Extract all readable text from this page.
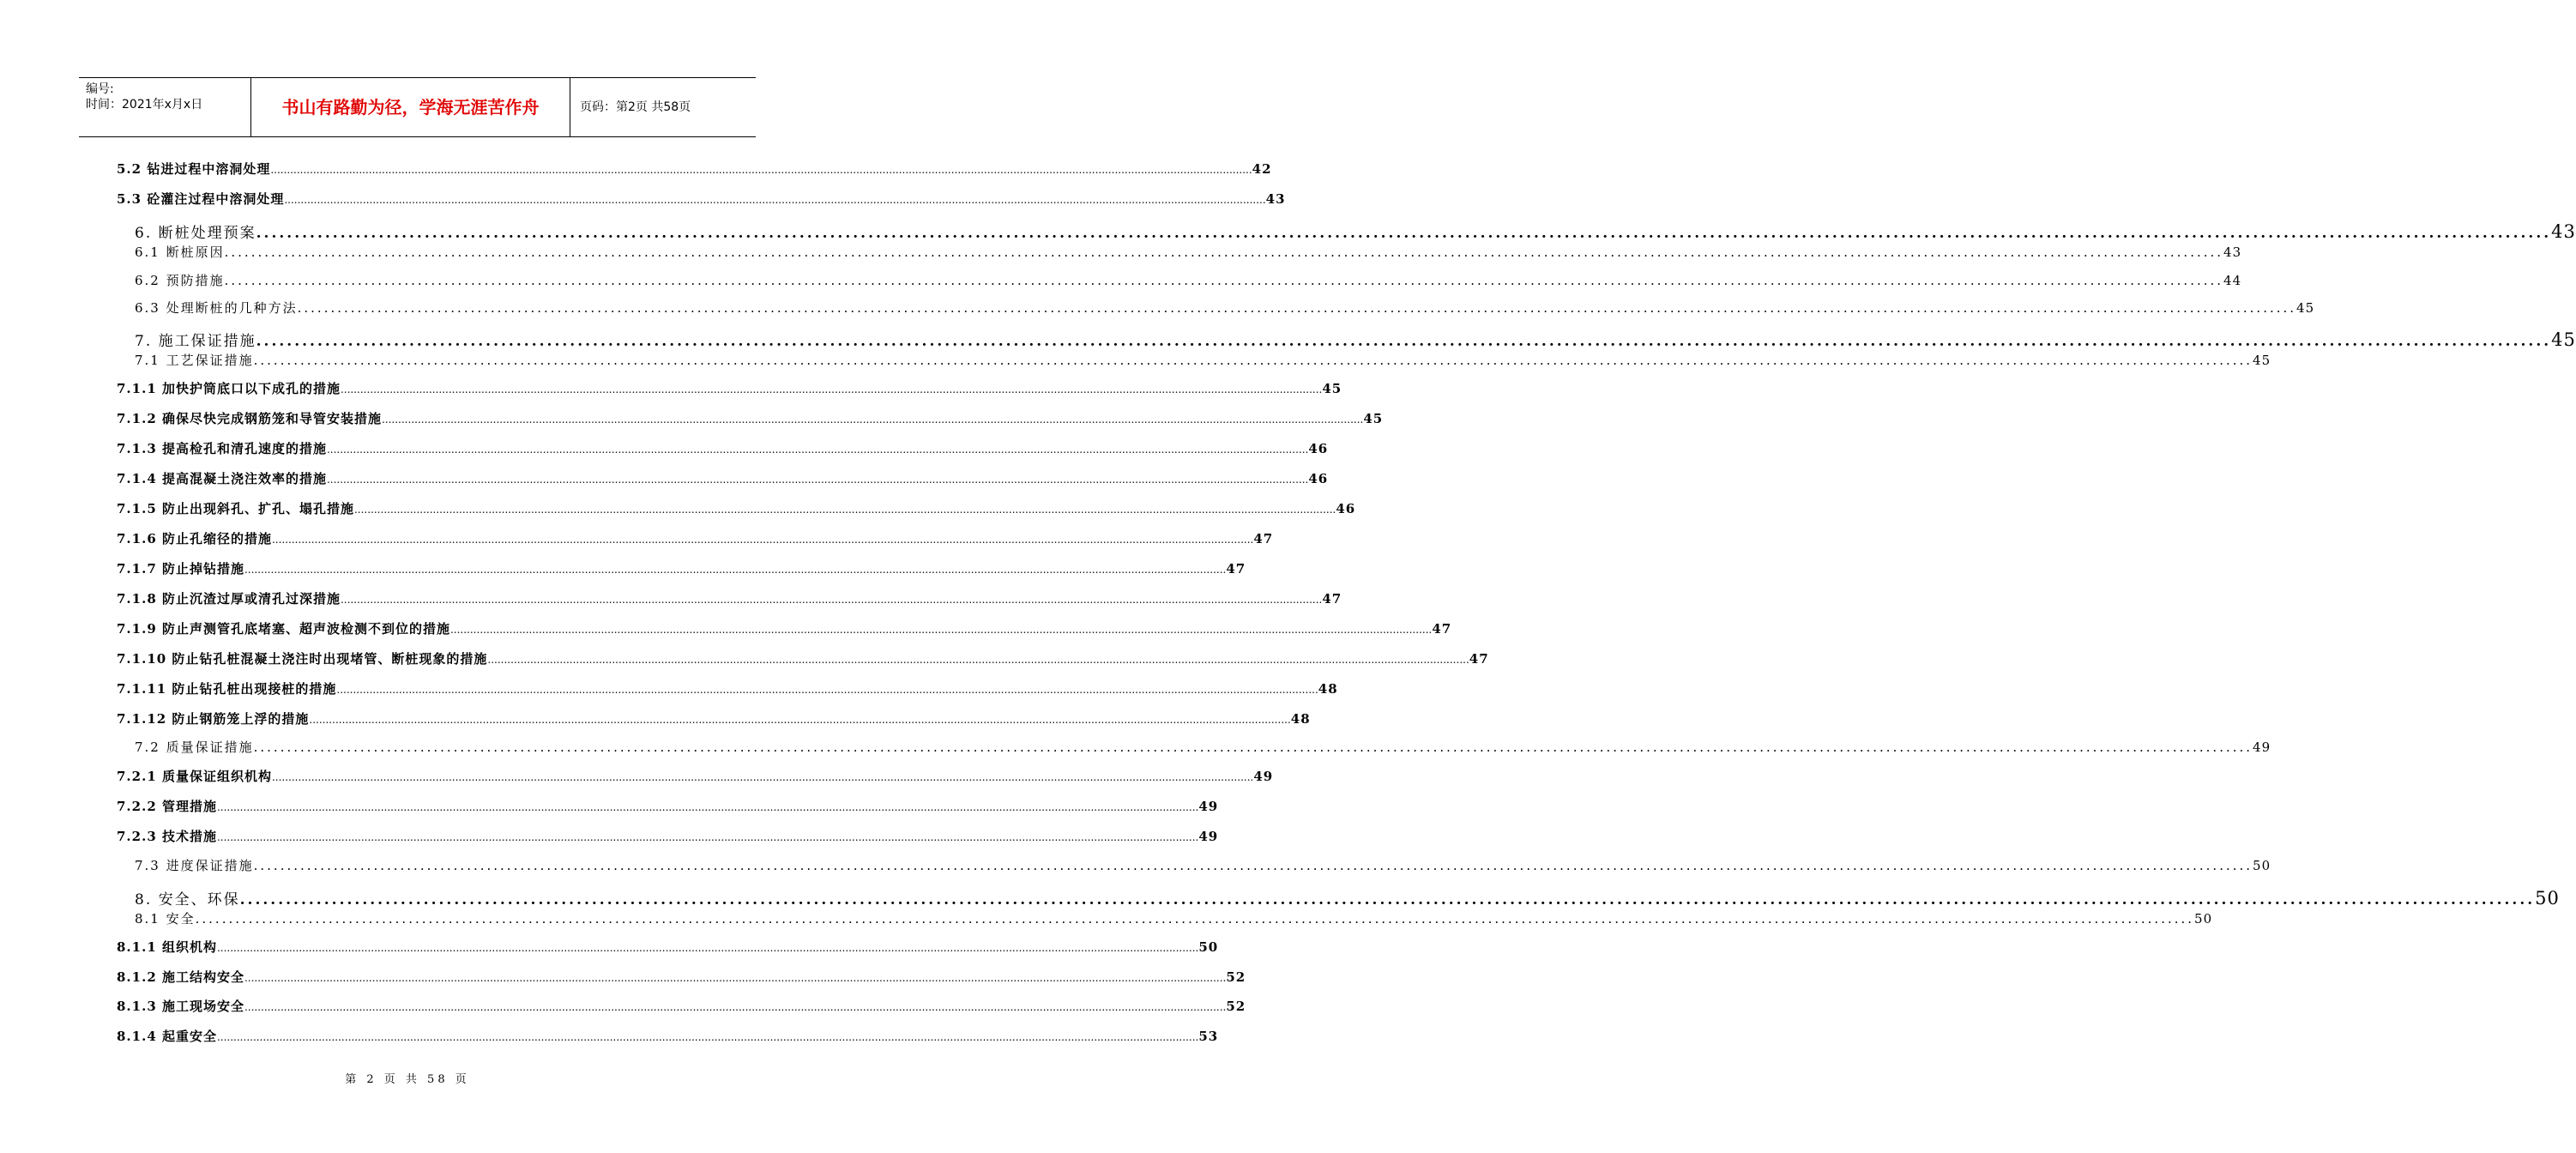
编号:
时间：2021年x月x日	书山有路勤为径，学海无涯苦作舟	页码：第2页 共58页
5.2 钻进过程中溶洞处理 ............................................................................................................................................................................................................................................................................................................ 42
5.3 砼灌注过程中溶洞处理 ............................................................................................................................................................................................................................................................................................................ 43
6. 断桩处理预案 ............................................................................................................................................................................................................................................................................................................ 43
6.1 断桩原因 ............................................................................................................................................................................................................................................................................................................ 43
6.2 预防措施 ............................................................................................................................................................................................................................................................................................................ 44
6.3 处理断桩的几种方法 ............................................................................................................................................................................................................................................................................................................ 45
7. 施工保证措施 ............................................................................................................................................................................................................................................................................................................ 45
7.1 工艺保证措施 ............................................................................................................................................................................................................................................................................................................ 45
7.1.1 加快护筒底口以下成孔的措施 ............................................................................................................................................................................................................................................................................................................ 45
7.1.2 确保尽快完成钢筋笼和导管安装措施 ............................................................................................................................................................................................................................................................................................................ 45
7.1.3 提高检孔和清孔速度的措施 ............................................................................................................................................................................................................................................................................................................ 46
7.1.4 提高混凝土浇注效率的措施 ............................................................................................................................................................................................................................................................................................................ 46
7.1.5 防止出现斜孔、扩孔、塌孔措施 ............................................................................................................................................................................................................................................................................................................ 46
7.1.6 防止孔缩径的措施 ............................................................................................................................................................................................................................................................................................................ 47
7.1.7 防止掉钻措施 ............................................................................................................................................................................................................................................................................................................ 47
7.1.8 防止沉渣过厚或清孔过深措施 ............................................................................................................................................................................................................................................................................................................ 47
7.1.9 防止声测管孔底堵塞、超声波检测不到位的措施 ............................................................................................................................................................................................................................................................................................................ 47
7.1.10 防止钻孔桩混凝土浇注时出现堵管、断桩现象的措施 ............................................................................................................................................................................................................................................................................................................ 47
7.1.11 防止钻孔桩出现接桩的措施 ............................................................................................................................................................................................................................................................................................................ 48
7.1.12 防止钢筋笼上浮的措施 ............................................................................................................................................................................................................................................................................................................ 48
7.2 质量保证措施 ............................................................................................................................................................................................................................................................................................................ 49
7.2.1 质量保证组织机构 ............................................................................................................................................................................................................................................................................................................ 49
7.2.2 管理措施 ............................................................................................................................................................................................................................................................................................................ 49
7.2.3 技术措施 ............................................................................................................................................................................................................................................................................................................ 49
7.3 进度保证措施 ............................................................................................................................................................................................................................................................................................................ 50
8. 安全、环保 ............................................................................................................................................................................................................................................................................................................ 50
8.1 安全 ............................................................................................................................................................................................................................................................................................................ 50
8.1.1 组织机构 ............................................................................................................................................................................................................................................................................................................ 50
8.1.2 施工结构安全 ............................................................................................................................................................................................................................................................................................................ 52
8.1.3 施工现场安全 ............................................................................................................................................................................................................................................................................................................ 52
8.1.4 起重安全 ............................................................................................................................................................................................................................................................................................................ 53
第 2 页 共 58 页
